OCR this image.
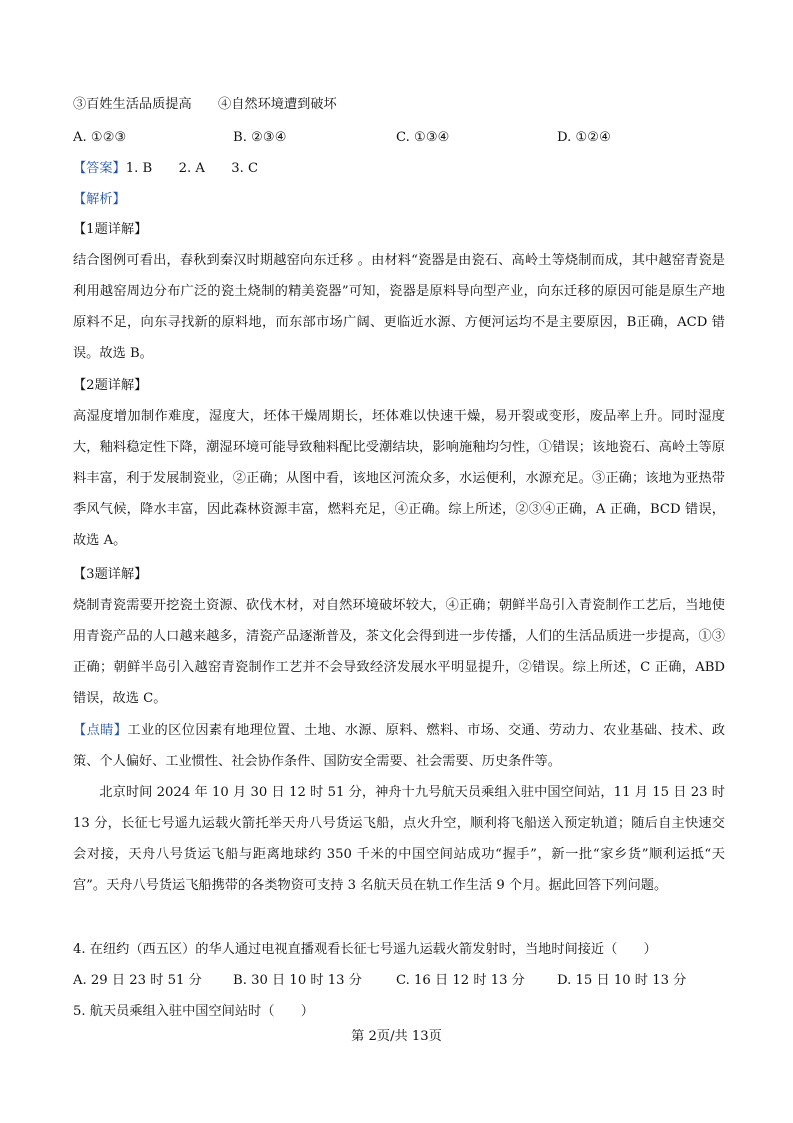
③百姓生活品质提高　　④自然环境遭到破坏
A. ①②③	B. ②③④	C. ①③④	D. ①②④
【答案】1. B　　2. A　　3. C
【解析】
【1题详解】
结合图例可看出，春秋到秦汉时期越窑向东迁移 。由材料“瓷器是由瓷石、高岭土等烧制而成，其中越窑青瓷是利用越窑周边分布广泛的瓷土烧制的精美瓷器”可知，瓷器是原料导向型产业，向东迁移的原因可能是原生产地原料不足，向东寻找新的原料地，而东部市场广阔、更临近水源、方便河运均不是主要原因，B正确，ACD 错误。故选 B。
【2题详解】
高湿度增加制作难度，湿度大，坯体干燥周期长，坯体难以快速干燥，易开裂或变形，废品率上升。同时湿度大，釉料稳定性下降，潮湿环境可能导致釉料配比受潮结块，影响施釉均匀性，①错误；该地瓷石、高岭土等原料丰富，利于发展制瓷业，②正确；从图中看，该地区河流众多，水运便利，水源充足。③正确；该地为亚热带季风气候，降水丰富，因此森林资源丰富，燃料充足，④正确。综上所述，②③④正确，A 正确，BCD 错误，故选 A。
【3题详解】
烧制青瓷需要开挖瓷土资源、砍伐木材，对自然环境破坏较大，④正确；朝鲜半岛引入青瓷制作工艺后，当地使用青瓷产品的人口越来越多，清瓷产品逐渐普及，茶文化会得到进一步传播，人们的生活品质进一步提高，①③正确；朝鲜半岛引入越窑青瓷制作工艺并不会导致经济发展水平明显提升，②错误。综上所述，C 正确，ABD 错误，故选 C。
【点睛】工业的区位因素有地理位置、土地、水源、原料、燃料、市场、交通、劳动力、农业基础、技术、政策、个人偏好、工业惯性、社会协作条件、国防安全需要、社会需要、历史条件等。
北京时间 2024 年 10 月 30 日 12 时 51 分，神舟十九号航天员乘组入驻中国空间站，11 月 15 日 23 时13 分，长征七号遥九运载火箭托举天舟八号货运飞船，点火升空，顺利将飞船送入预定轨道；随后自主快速交会对接，天舟八号货运飞船与距离地球约 350 千米的中国空间站成功“握手”，新一批“家乡货”顺利运抵“天宫”。天舟八号货运飞船携带的各类物资可支持 3 名航天员在轨工作生活 9 个月。据此回答下列问题。
4. 在纽约（西五区）的华人通过电视直播观看长征七号遥九运载火箭发射时，当地时间接近（　　）
A. 29 日 23 时 51 分 B. 30 日 10 时 13 分	C. 16 日 12 时 13 分 D. 15 日 10 时 13 分
5. 航天员乘组入驻中国空间站时（　　）
第 2页/共 13页
